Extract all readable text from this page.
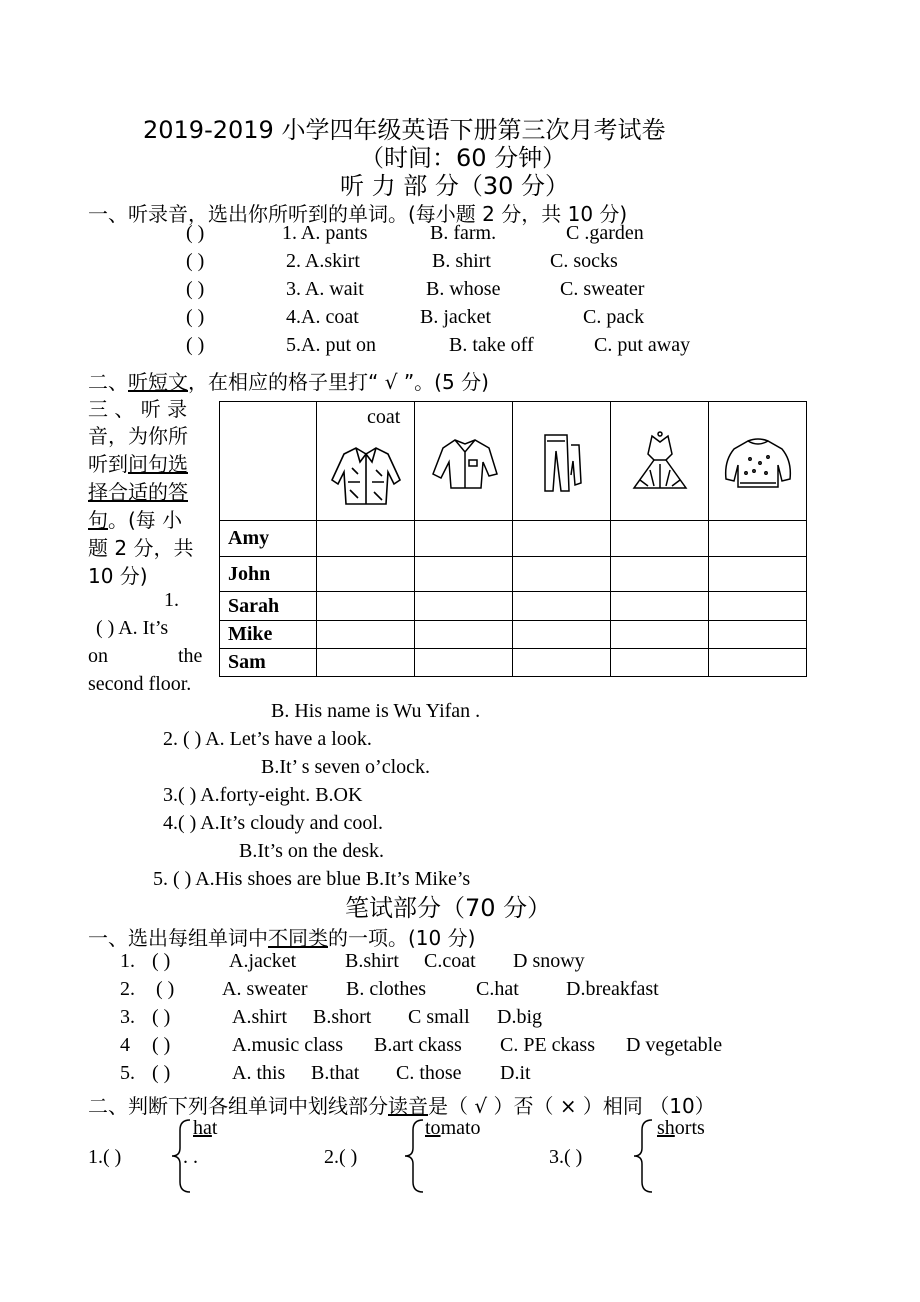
2019-2019 小学四年级英语下册第三次月考试卷
（时间：60 分钟）
听 力 部 分（30 分）
一、听录音，选出你所听到的单词。(每小题 2 分，共 10 分)
( )	1. A. pants	B. farm.	C .garden
( )	2. A.skirt	B. shirt	C. socks
( )	3. A. wait	B. whose	C. sweater
( )	4.A. coat	B. jacket	C. pack
( )	5.A. put on	B. take off	C. put away
二、听短文，在相应的格子里打“ √ ”。(5 分)

	coat

Amy					
John					
Sarah					
Mike					
Sam					
三 、 听 录
音，为你所
听到问句选
择合适的答
句。(每 小
题 2 分，共
10 分)
1.
( ) A. It’s
on	the
second floor.
B. His name is Wu Yifan .
2. ( ) A. Let’s have a look.
B.It’ s seven o’clock.
3.( ) A.forty-eight. B.OK
4.( ) A.It’s cloudy and cool.
B.It’s on the desk.
5. ( ) A.His shoes are blue B.It’s Mike’s
笔试部分（70 分）
一、选出每组单词中不同类的一项。(10 分)
1. ( )	A.jacket B.shirt C.coat D snowy
2. ( ) A. sweater B. clothes	C.hat D.breakfast
3. ( )	A.shirt B.short C small D.big
4 ( )	A.music class B.art ckass C. PE ckass D vegetable
5. ( )	A. this B.that C. those D.it
二、判断下列各组单词中划线部分读音是（ √ ）否（ × ）相同 （10）
1.( )
hat
. .	2.( )
tomato
3.( )
shorts
